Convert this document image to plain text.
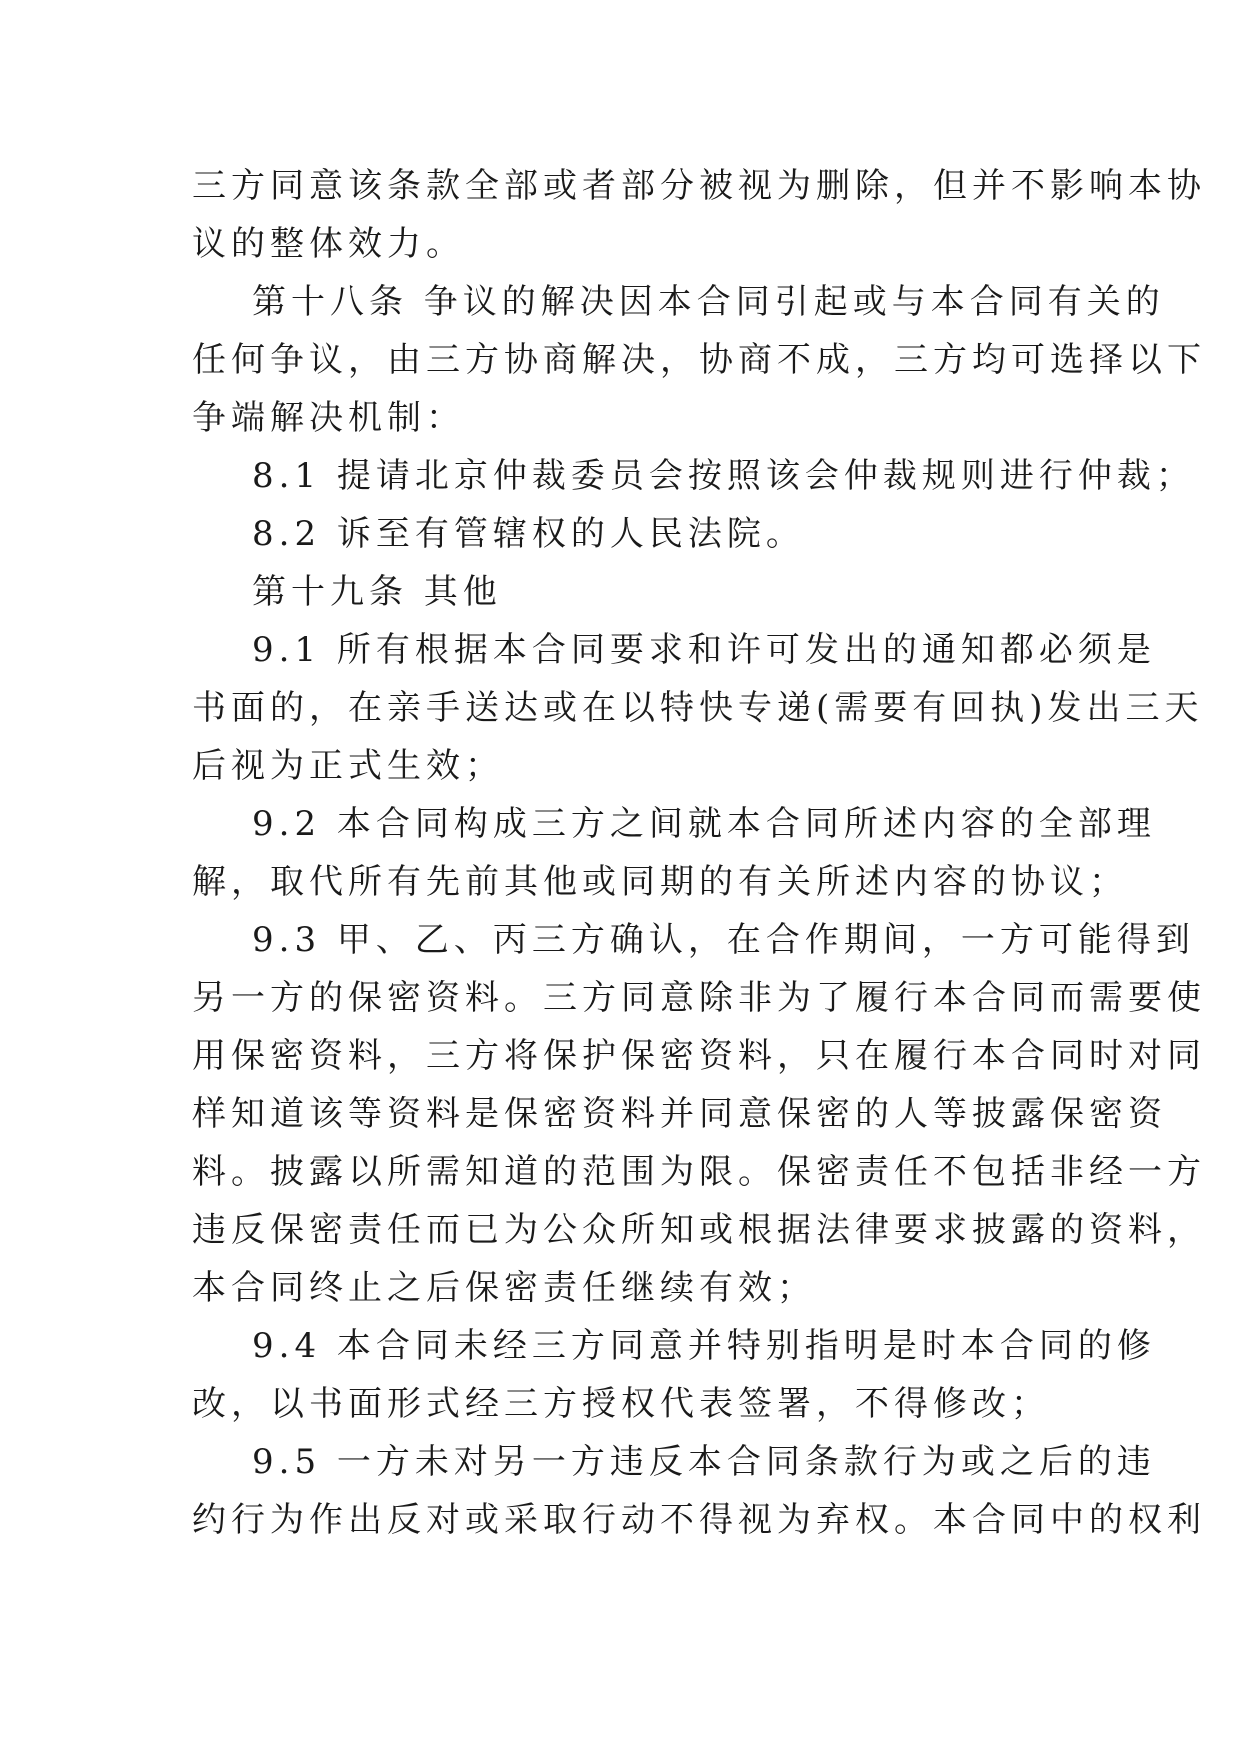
三方同意该条款全部或者部分被视为删除，但并不影响本协

议的整体效力。

第十八条 争议的解决因本合同引起或与本合同有关的

任何争议，由三方协商解决，协商不成，三方均可选择以下

争端解决机制：

8.1 提请北京仲裁委员会按照该会仲裁规则进行仲裁；

8.2 诉至有管辖权的人民法院。

第十九条 其他

9.1 所有根据本合同要求和许可发出的通知都必须是

书面的，在亲手送达或在以特快专递(需要有回执)发出三天

后视为正式生效；

9.2 本合同构成三方之间就本合同所述内容的全部理

解，取代所有先前其他或同期的有关所述内容的协议；

9.3 甲、乙、丙三方确认，在合作期间，一方可能得到

另一方的保密资料。三方同意除非为了履行本合同而需要使

用保密资料，三方将保护保密资料，只在履行本合同时对同

样知道该等资料是保密资料并同意保密的人等披露保密资

料。披露以所需知道的范围为限。保密责任不包括非经一方

违反保密责任而已为公众所知或根据法律要求披露的资料，

本合同终止之后保密责任继续有效；

9.4 本合同未经三方同意并特别指明是时本合同的修

改，以书面形式经三方授权代表签署，不得修改；

9.5 一方未对另一方违反本合同条款行为或之后的违

约行为作出反对或采取行动不得视为弃权。本合同中的权利
